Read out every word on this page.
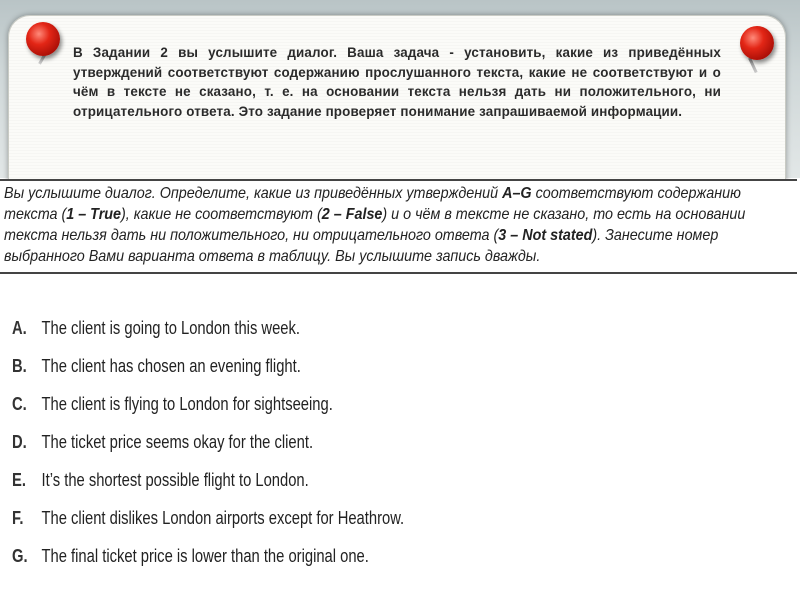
В Задании 2 вы услышите диалог. Ваша задача - установить, какие из приведённых утверждений соответствуют содержанию прослушанного текста, какие не соответствуют и о чём в тексте не сказано, т. е. на основании текста нельзя дать ни положительного, ни отрицательного ответа. Это задание проверяет понимание запрашиваемой информации.
Вы услышите диалог. Определите, какие из приведённых утверждений A–G соответствуют содержанию текста (1 – True), какие не соответствуют (2 – False) и о чём в тексте не сказано, то есть на основании текста нельзя дать ни положительного, ни отрицательного ответа (3 – Not stated). Занесите номер выбранного Вами варианта ответа в таблицу. Вы услышите запись дважды.
A. The client is going to London this week.
B. The client has chosen an evening flight.
C. The client is flying to London for sightseeing.
D. The ticket price seems okay for the client.
E. It’s the shortest possible flight to London.
F. The client dislikes London airports except for Heathrow.
G. The final ticket price is lower than the original one.
